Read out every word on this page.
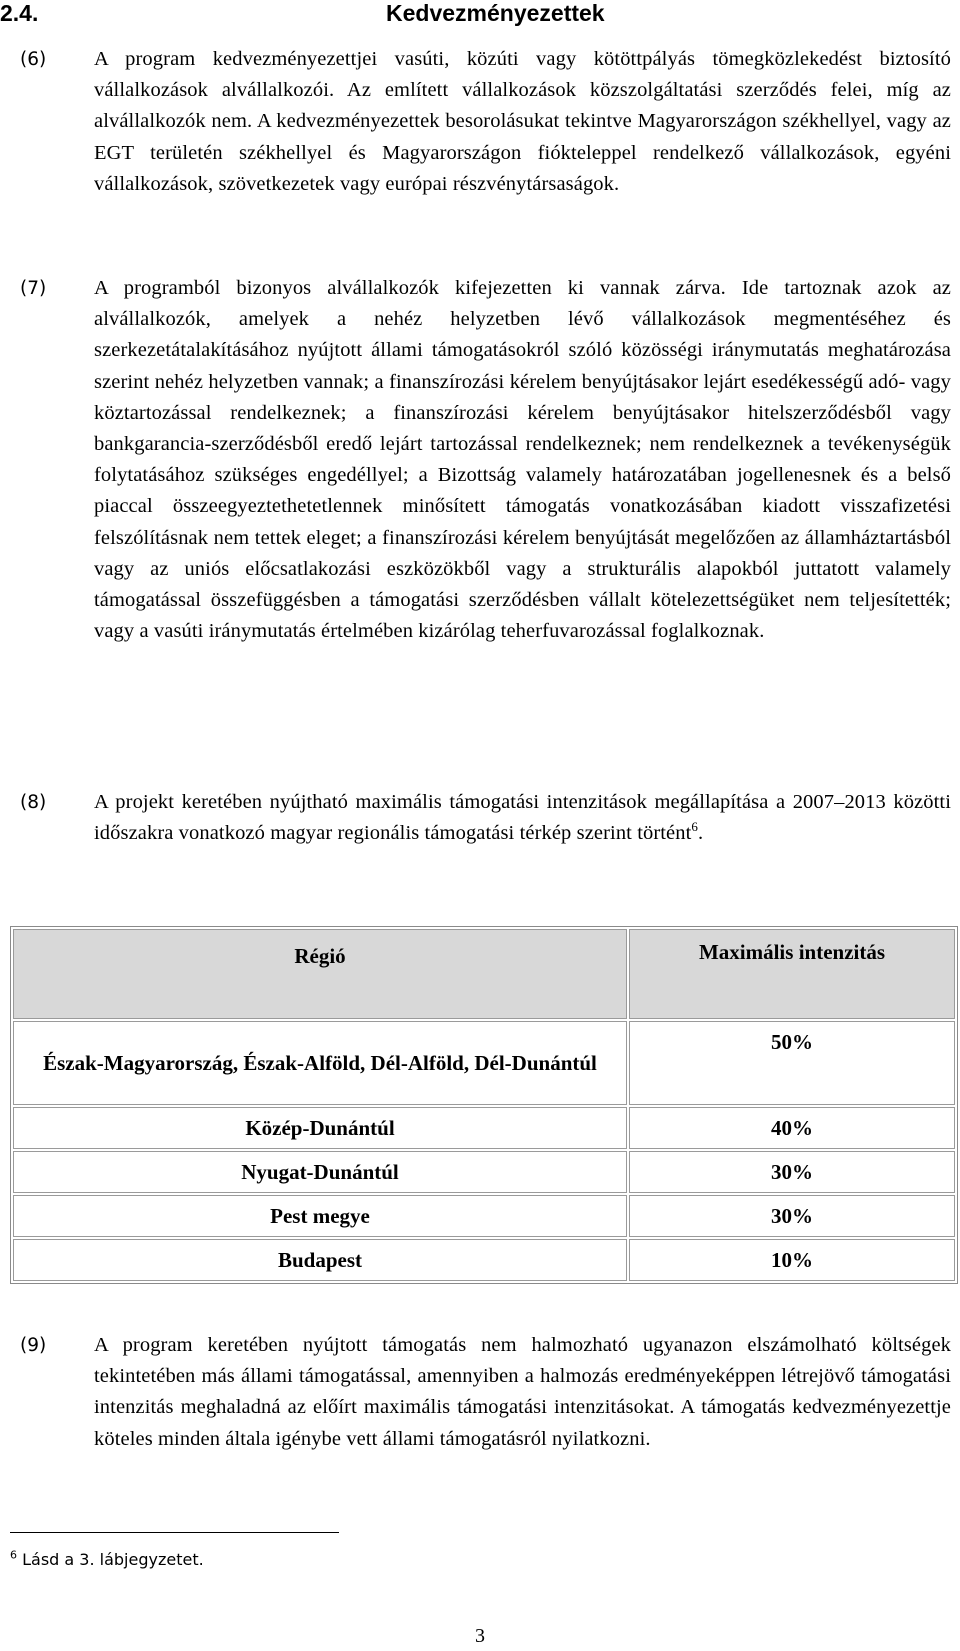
2.4.	Kedvezményezettek
(6) A program kedvezményezettjei vasúti, közúti vagy kötöttpályás tömegközlekedést biztosító vállalkozások alvállalkozói. Az említett vállalkozások közszolgáltatási szerződés felei, míg az alvállalkozók nem. A kedvezményezettek besorolásukat tekintve Magyarországon székhellyel, vagy az EGT területén székhellyel és Magyarországon fiókteleppel rendelkező vállalkozások, egyéni vállalkozások, szövetkezetek vagy európai részvénytársaságok.
(7) A programból bizonyos alvállalkozók kifejezetten ki vannak zárva. Ide tartoznak azok az alvállalkozók, amelyek a nehéz helyzetben lévő vállalkozások megmentéséhez és szerkezetátalakításához nyújtott állami támogatásokról szóló közösségi iránymutatás meghatározása szerint nehéz helyzetben vannak; a finanszírozási kérelem benyújtásakor lejárt esedékességű adó- vagy köztartozással rendelkeznek; a finanszírozási kérelem benyújtásakor hitelszerződésből vagy bankgarancia-szerződésből eredő lejárt tartozással rendelkeznek; nem rendelkeznek a tevékenységük folytatásához szükséges engedéllyel; a Bizottság valamely határozatában jogellenesnek és a belső piaccal összeegyeztethetetlennek minősített támogatás vonatkozásában kiadott visszafizetési felszólításnak nem tettek eleget; a finanszírozási kérelem benyújtását megelőzően az államháztartásból vagy az uniós előcsatlakozási eszközökből vagy a strukturális alapokból juttatott valamely támogatással összefüggésben a támogatási szerződésben vállalt kötelezettségüket nem teljesítették; vagy a vasúti iránymutatás értelmében kizárólag teherfuvarozással foglalkoznak.
(8) A projekt keretében nyújtható maximális támogatási intenzitások megállapítása a 2007–2013 közötti időszakra vonatkozó magyar regionális támogatási térkép szerint történt$^6$.
Régió	Maximális intenzitás
Észak-Magyarország, Észak-Alföld, Dél-Alföld, Dél-Dunántúl	50%
Közép-Dunántúl	40%
Nyugat-Dunántúl	30%
Pest megye	30%
Budapest	10%
(9) A program keretében nyújtott támogatás nem halmozható ugyanazon elszámolható költségek tekintetében más állami támogatással, amennyiben a halmozás eredményeképpen létrejövő támogatási intenzitás meghaladná az előírt maximális támogatási intenzitásokat. A támogatás kedvezményezettje köteles minden általa igénybe vett állami támogatásról nyilatkozni.
$^6$ Lásd a 3. lábjegyzetet.
3
